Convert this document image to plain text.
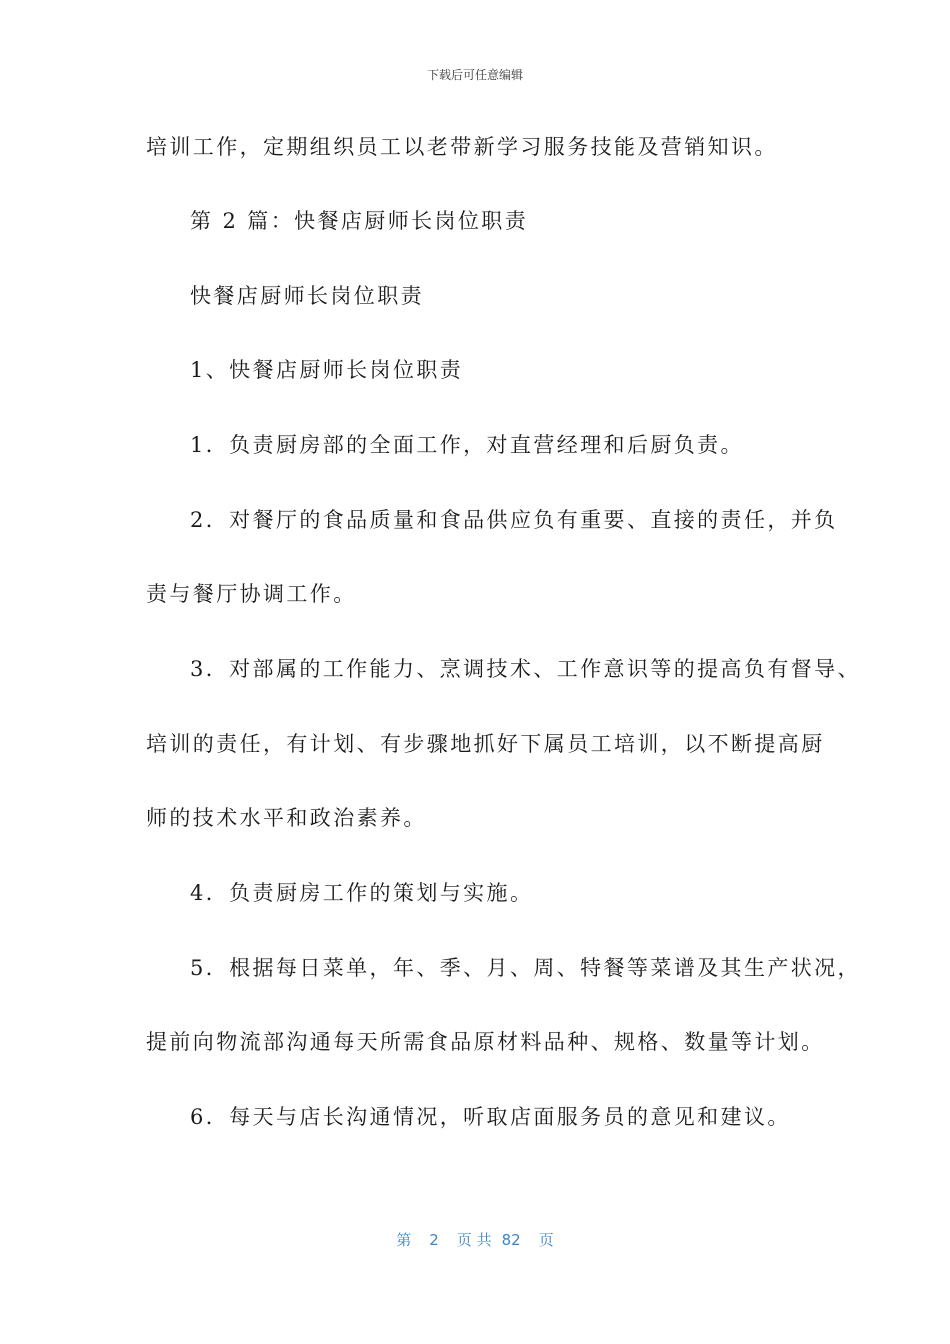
下载后可任意编辑
培训工作，定期组织员工以老带新学习服务技能及营销知识。
第 2 篇：快餐店厨师长岗位职责
快餐店厨师长岗位职责
1、快餐店厨师长岗位职责
1．负责厨房部的全面工作，对直营经理和后厨负责。
2．对餐厅的食品质量和食品供应负有重要、直接的责任，并负
责与餐厅协调工作。
3．对部属的工作能力、烹调技术、工作意识等的提高负有督导、
培训的责任，有计划、有步骤地抓好下属员工培训，以不断提高厨
师的技术水平和政治素养。
4．负责厨房工作的策划与实施。
5．根据每日菜单，年、季、月、周、特餐等菜谱及其生产状况，
提前向物流部沟通每天所需食品原材料品种、规格、数量等计划。
6．每天与店长沟通情况，听取店面服务员的意见和建议。
第 2 页 共 82 页
